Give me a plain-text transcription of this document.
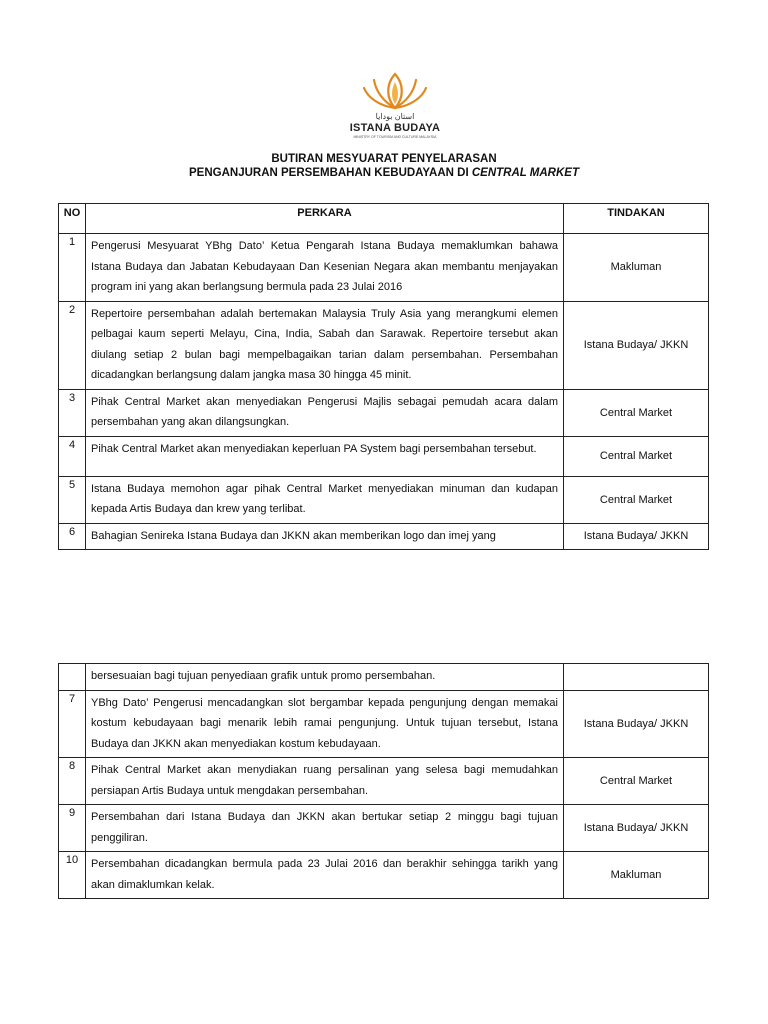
استان بودايا
ISTANA BUDAYA
MINISTRY OF TOURISM AND CULTURE MALAYSIA
BUTIRAN MESYUARAT PENYELARASAN
PENGANJURAN PERSEMBAHAN KEBUDAYAAN DI CENTRAL MARKET
NO	PERKARA	TINDAKAN
1	Pengerusi Mesyuarat YBhg Dato’ Ketua Pengarah Istana Budaya memaklumkan bahawa Istana Budaya dan Jabatan Kebudayaan Dan Kesenian Negara akan membantu menjayakan program ini yang akan berlangsung bermula pada 23 Julai 2016	Makluman
2	Repertoire persembahan adalah bertemakan Malaysia Truly Asia yang merangkumi elemen pelbagai kaum seperti Melayu, Cina, India, Sabah dan Sarawak. Repertoire tersebut akan diulang setiap 2 bulan bagi mempelbagaikan tarian dalam persembahan. Persembahan dicadangkan berlangsung dalam jangka masa 30 hingga 45 minit.	Istana Budaya/ JKKN
3	Pihak Central Market akan menyediakan Pengerusi Majlis sebagai pemudah acara dalam persembahan yang akan dilangsungkan.	Central Market
4	Pihak Central Market akan menyediakan keperluan PA System bagi persembahan tersebut.	Central Market
5	Istana Budaya memohon agar pihak Central Market menyediakan minuman dan kudapan kepada Artis Budaya dan krew yang terlibat.	Central Market
6	Bahagian Senireka Istana Budaya dan JKKN akan memberikan logo dan imej yang	Istana Budaya/ JKKN
	bersesuaian bagi tujuan penyediaan grafik untuk promo persembahan.	
7	YBhg Dato’ Pengerusi mencadangkan slot bergambar kepada pengunjung dengan memakai kostum kebudayaan bagi menarik lebih ramai pengunjung. Untuk tujuan tersebut, Istana Budaya dan JKKN akan menyediakan kostum kebudayaan.	Istana Budaya/ JKKN
8	Pihak Central Market akan menydiakan ruang persalinan yang selesa bagi memudahkan persiapan Artis Budaya untuk mengdakan persembahan.	Central Market
9	Persembahan dari Istana Budaya dan JKKN akan bertukar setiap 2 minggu bagi tujuan penggiliran.	Istana Budaya/ JKKN
10	Persembahan dicadangkan bermula pada 23 Julai 2016 dan berakhir sehingga tarikh yang akan dimaklumkan kelak.	Makluman
